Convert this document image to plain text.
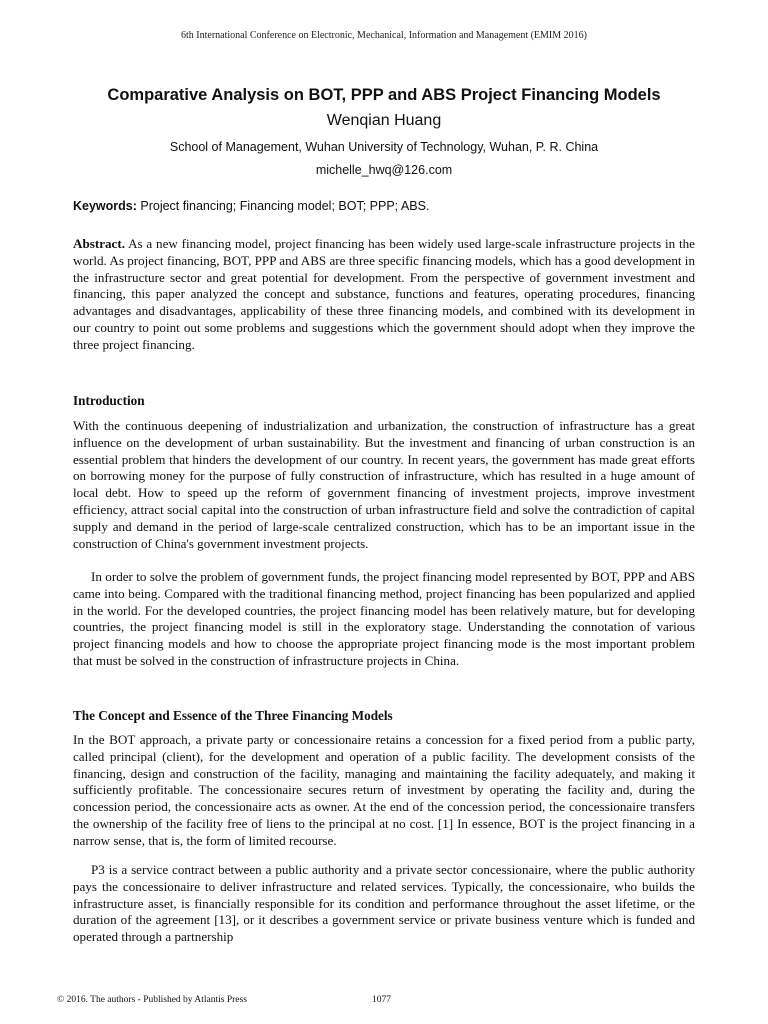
6th International Conference on Electronic, Mechanical, Information and Management (EMIM 2016)
Comparative Analysis on BOT, PPP and ABS Project Financing Models
Wenqian Huang
School of Management, Wuhan University of Technology, Wuhan, P. R. China
michelle_hwq@126.com
Keywords: Project financing; Financing model; BOT; PPP; ABS.

Abstract. As a new financing model, project financing has been widely used large-scale infrastructure projects in the world. As project financing, BOT, PPP and ABS are three specific financing models, which has a good development in the infrastructure sector and great potential for development. From the perspective of government investment and financing, this paper analyzed the concept and substance, functions and features, operating procedures, financing advantages and disadvantages, applicability of these three financing models, and combined with its development in our country to point out some problems and suggestions which the government should adopt when they improve the three project financing.

Introduction

With the continuous deepening of industrialization and urbanization, the construction of infrastructure has a great influence on the development of urban sustainability. But the investment and financing of urban construction is an essential problem that hinders the development of our country. In recent years, the government has made great efforts on borrowing money for the purpose of fully construction of infrastructure, which has resulted in a huge amount of local debt. How to speed up the reform of government financing of investment projects, improve investment efficiency, attract social capital into the construction of urban infrastructure field and solve the contradiction of capital supply and demand in the period of large-scale centralized construction, which has to be an important issue in the construction of China's government investment projects.

In order to solve the problem of government funds, the project financing model represented by BOT, PPP and ABS came into being. Compared with the traditional financing method, project financing has been popularized and applied in the world. For the developed countries, the project financing model has been relatively mature, but for developing countries, the project financing model is still in the exploratory stage. Understanding the connotation of various project financing models and how to choose the appropriate project financing mode is the most important problem that must be solved in the construction of infrastructure projects in China.

The Concept and Essence of the Three Financing Models

In the BOT approach, a private party or concessionaire retains a concession for a fixed period from a public party, called principal (client), for the development and operation of a public facility. The development consists of the financing, design and construction of the facility, managing and maintaining the facility adequately, and making it sufficiently profitable. The concessionaire secures return of investment by operating the facility and, during the concession period, the concessionaire acts as owner. At the end of the concession period, the concessionaire transfers the ownership of the facility free of liens to the principal at no cost. [1] In essence, BOT is the project financing in a narrow sense, that is, the form of limited recourse.

P3 is a service contract between a public authority and a private sector concessionaire, where the public authority pays the concessionaire to deliver infrastructure and related services. Typically, the concessionaire, who builds the infrastructure asset, is financially responsible for its condition and performance throughout the asset lifetime, or the duration of the agreement [13], or it describes a government service or private business venture which is funded and operated through a partnership

© 2016. The authors - Published by Atlantis Press	1077
